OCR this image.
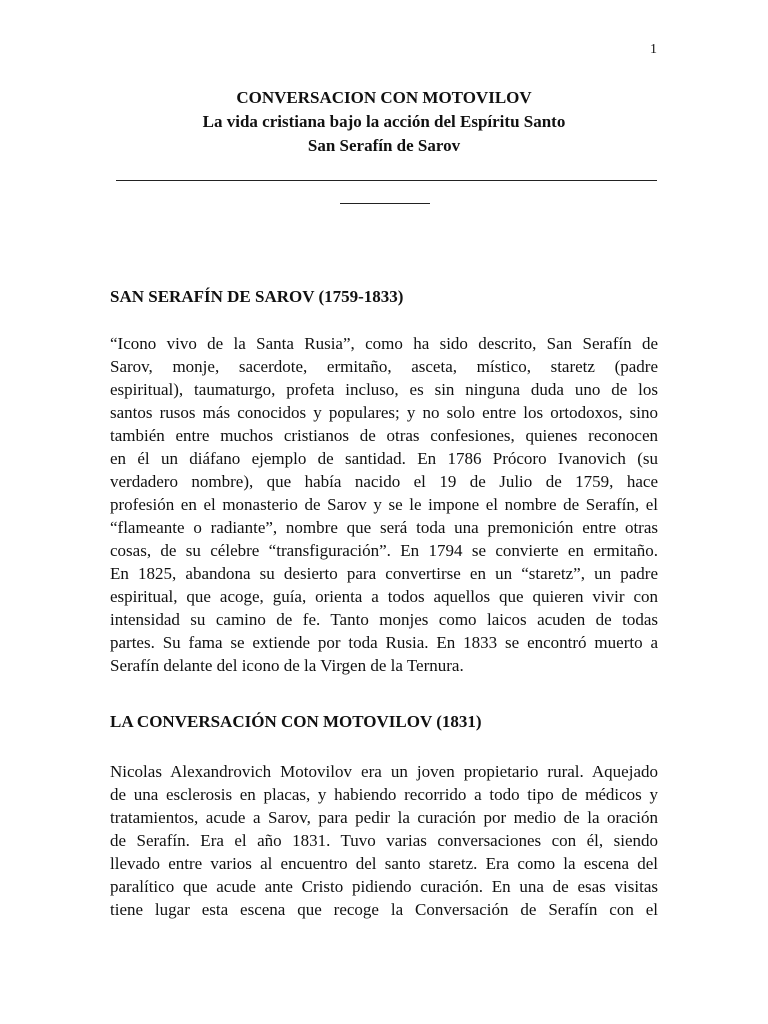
1
CONVERSACION CON MOTOVILOV
La vida cristiana bajo la acción del Espíritu Santo
San Serafín de Sarov
SAN SERAFÍN DE SAROV (1759-1833)
“Icono vivo de la Santa Rusia”, como ha sido descrito, San Serafín de
Sarov, monje, sacerdote, ermitaño, asceta, místico, staretz (padre
espiritual), taumaturgo, profeta incluso, es sin ninguna duda uno de los
santos rusos más conocidos y populares; y no solo entre los ortodoxos, sino
también entre muchos cristianos de otras confesiones, quienes reconocen
en él un diáfano ejemplo de santidad. En 1786 Prócoro Ivanovich (su
verdadero nombre), que había nacido el 19 de Julio de 1759, hace
profesión en el monasterio de Sarov y se le impone el nombre de Serafín, el
“flameante o radiante”, nombre que será toda una premonición entre otras
cosas, de su célebre “transfiguración”. En 1794 se convierte en ermitaño.
En 1825, abandona su desierto para convertirse en un “staretz”, un padre
espiritual, que acoge, guía, orienta a todos aquellos que quieren vivir con
intensidad su camino de fe. Tanto monjes como laicos acuden de todas
partes. Su fama se extiende por toda Rusia. En 1833 se encontró muerto a
Serafín delante del icono de la Virgen de la Ternura.
LA CONVERSACIÓN CON MOTOVILOV (1831)
Nicolas Alexandrovich Motovilov era un joven propietario rural. Aquejado
de una esclerosis en placas, y habiendo recorrido a todo tipo de médicos y
tratamientos, acude a Sarov, para pedir la curación por medio de la oración
de Serafín. Era el año 1831. Tuvo varias conversaciones con él, siendo
llevado entre varios al encuentro del santo staretz. Era como la escena del
paralítico que acude ante Cristo pidiendo curación. En una de esas visitas
tiene lugar esta escena que recoge la Conversación de Serafín con el
